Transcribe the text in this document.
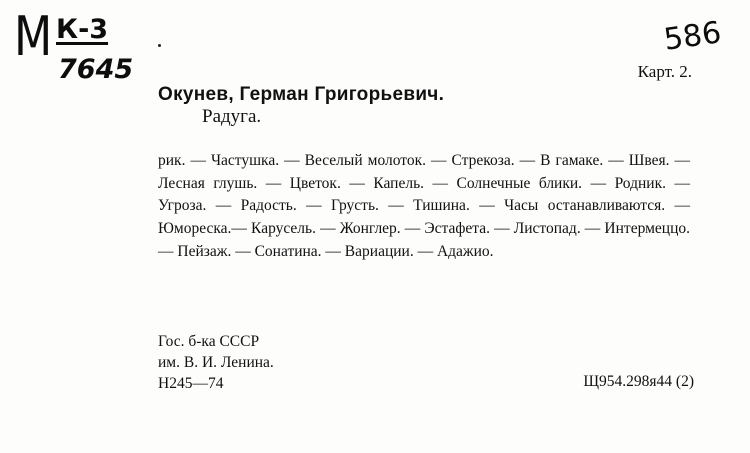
М К-3
7645
586
Карт. 2.
Окунев, Герман Григорьевич.
Радуга.
рик. — Частушка. — Веселый молоток. — Стрекоза. — В гамаке. — Швея. — Лесная глушь. — Цветок. — Капель. — Солнечные блики. — Родник. — Угроза. — Радость. — Грусть. — Тишина. — Часы останавливаются. — Юмореска.— Карусель. — Жонглер. — Эстафета. — Листопад. — Интермеццо. — Пейзаж. — Сонатина. — Вариации. — Адажио.
Гос. б-ка СССР
им. В. И. Ленина.
Н245—74	Щ954.298я44 (2)
